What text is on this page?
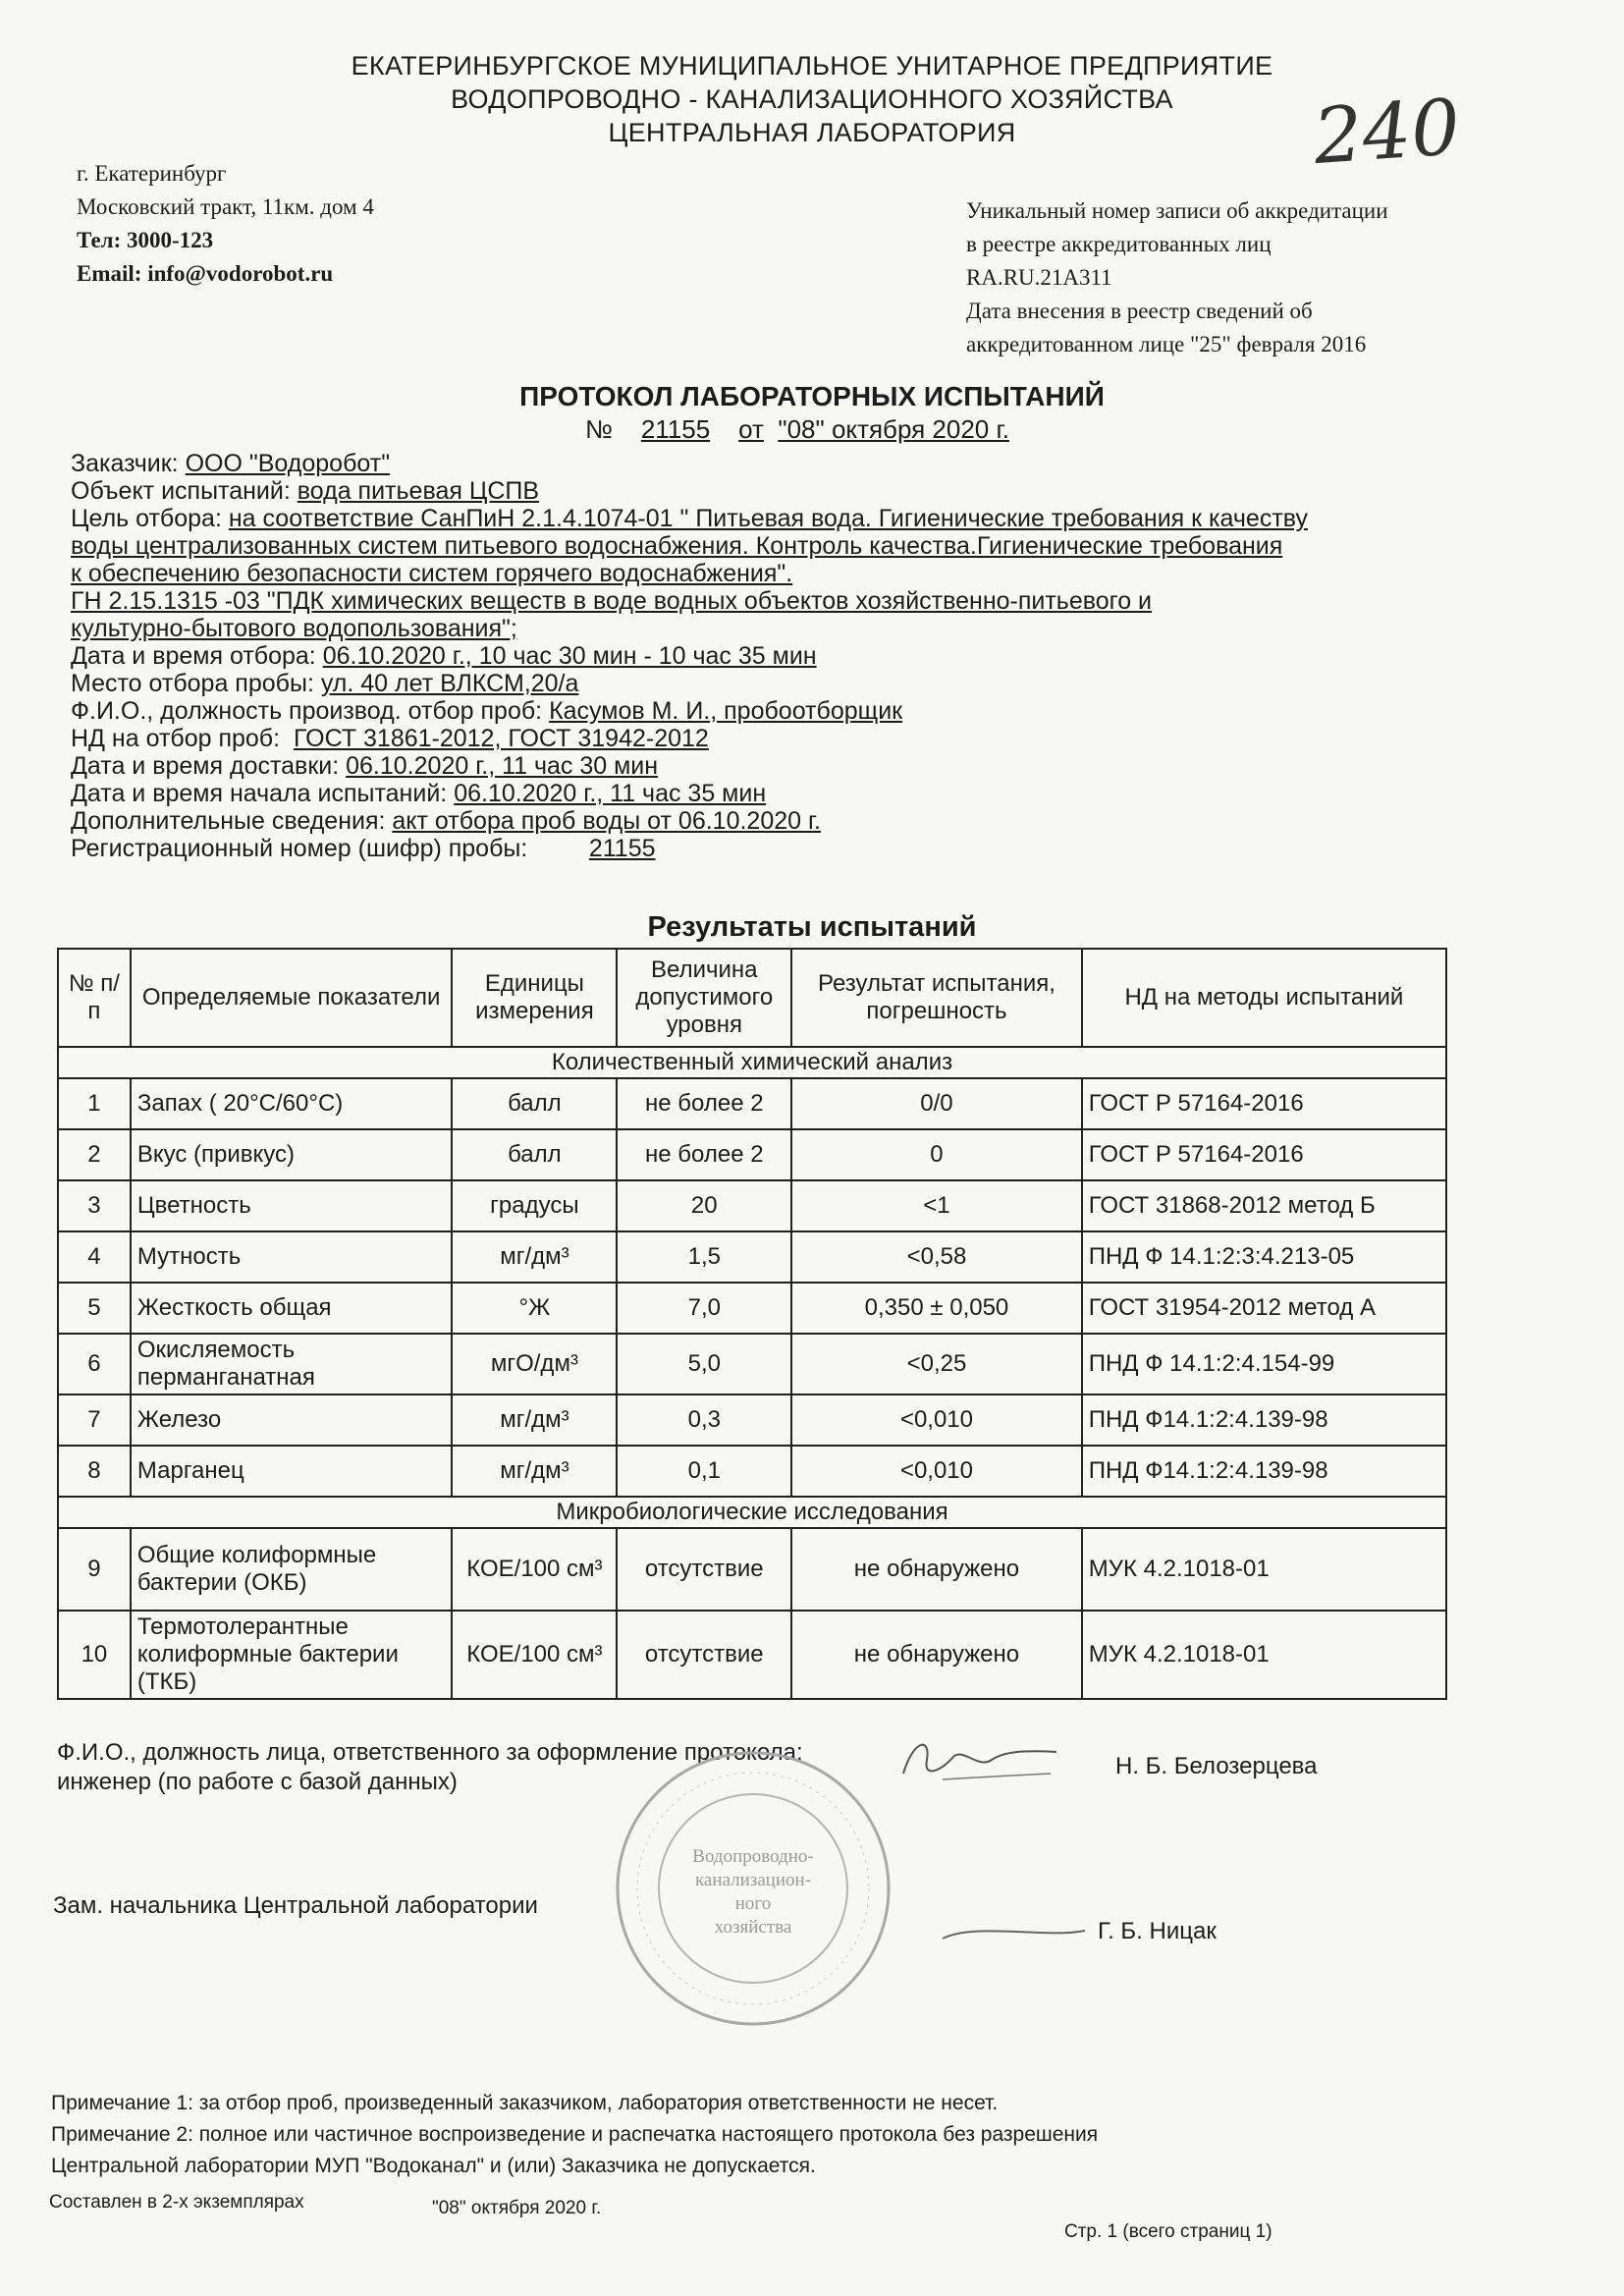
ЕКАТЕРИНБУРГСКОЕ МУНИЦИПАЛЬНОЕ УНИТАРНОЕ ПРЕДПРИЯТИЕ
ВОДОПРОВОДНО - КАНАЛИЗАЦИОННОГО ХОЗЯЙСТВА
ЦЕНТРАЛЬНАЯ ЛАБОРАТОРИЯ	240
г. Екатеринбург
Московский тракт, 11км. дом 4
Тел: 3000-123
Email: info@vodorobot.ru
Уникальный номер записи об аккредитации
в реестре аккредитованных лиц
RA.RU.21A311
Дата внесения в реестр сведений об
аккредитованном лице "25" февраля 2016
ПРОТОКОЛ ЛАБОРАТОРНЫХ ИСПЫТАНИЙ
№ 21155 от "08" октября 2020 г.
Заказчик: ООО "Водоробот"
Объект испытаний: вода питьевая ЦСПВ
Цель отбора: на соответствие СанПиН 2.1.4.1074-01 " Питьевая вода. Гигиенические требования к качеству
воды централизованных систем питьевого водоснабжения. Контроль качества.Гигиенические требования
к обеспечению безопасности систем горячего водоснабжения".
ГН 2.15.1315 -03 "ПДК химических веществ в воде водных объектов хозяйственно-питьевого и
культурно-бытового водопользования";
Дата и время отбора: 06.10.2020 г., 10 час 30 мин - 10 час 35 мин
Место отбора пробы: ул. 40 лет ВЛКСМ,20/а
Ф.И.О., должность производ. отбор проб: Касумов М. И., пробоотборщик
НД на отбор проб: ГОСТ 31861-2012, ГОСТ 31942-2012
Дата и время доставки: 06.10.2020 г., 11 час 30 мин
Дата и время начала испытаний: 06.10.2020 г., 11 час 35 мин
Дополнительные сведения: акт отбора проб воды от 06.10.2020 г.
Регистрационный номер (шифр) пробы:	21155
Результаты испытаний
№ п/п	Определяемые показатели	Единицы измерения	Величина допустимого уровня	Результат испытания, погрешность	НД на методы испытаний
Количественный химический анализ					
1	Запах ( 20°С/60°С)	балл	не более 2	0/0	ГОСТ Р 57164-2016
2	Вкус (привкус)	балл	не более 2	0	ГОСТ Р 57164-2016
3	Цветность	градусы	20	<1	ГОСТ 31868-2012 метод Б
4	Мутность	мг/дм³	1,5	<0,58	ПНД Ф 14.1:2:3:4.213-05
5	Жесткость общая	°Ж	7,0	0,350 ± 0,050	ГОСТ 31954-2012 метод А
6	Окисляемость перманганатная	мгО/дм³	5,0	<0,25	ПНД Ф 14.1:2:4.154-99
7	Железо	мг/дм³	0,3	<0,010	ПНД Ф14.1:2:4.139-98
8	Марганец	мг/дм³	0,1	<0,010	ПНД Ф14.1:2:4.139-98
Микробиологические исследования					
9	Общие колиформные бактерии (ОКБ)	КОЕ/100 см³	отсутствие	не обнаружено	МУК 4.2.1018-01
10	Термотолерантные колиформные бактерии (ТКБ)	КОЕ/100 см³	отсутствие	не обнаружено	МУК 4.2.1018-01
Ф.И.О., должность лица, ответственного за оформление протокола:
инженер (по работе с базой данных)
Н. Б. Белозерцева
Зам. начальника Центральной лаборатории
Г. Б. Ницак
Водопроводно-
канализацион-
ного
хозяйства
Примечание 1: за отбор проб, произведенный заказчиком, лаборатория ответственности не несет.
Примечание 2: полное или частичное воспроизведение и распечатка настоящего протокола без разрешения
Центральной лаборатории МУП "Водоканал" и (или) Заказчика не допускается.
Составлен в 2-х экземплярах	"08" октября 2020 г.
Стр. 1 (всего страниц 1)
